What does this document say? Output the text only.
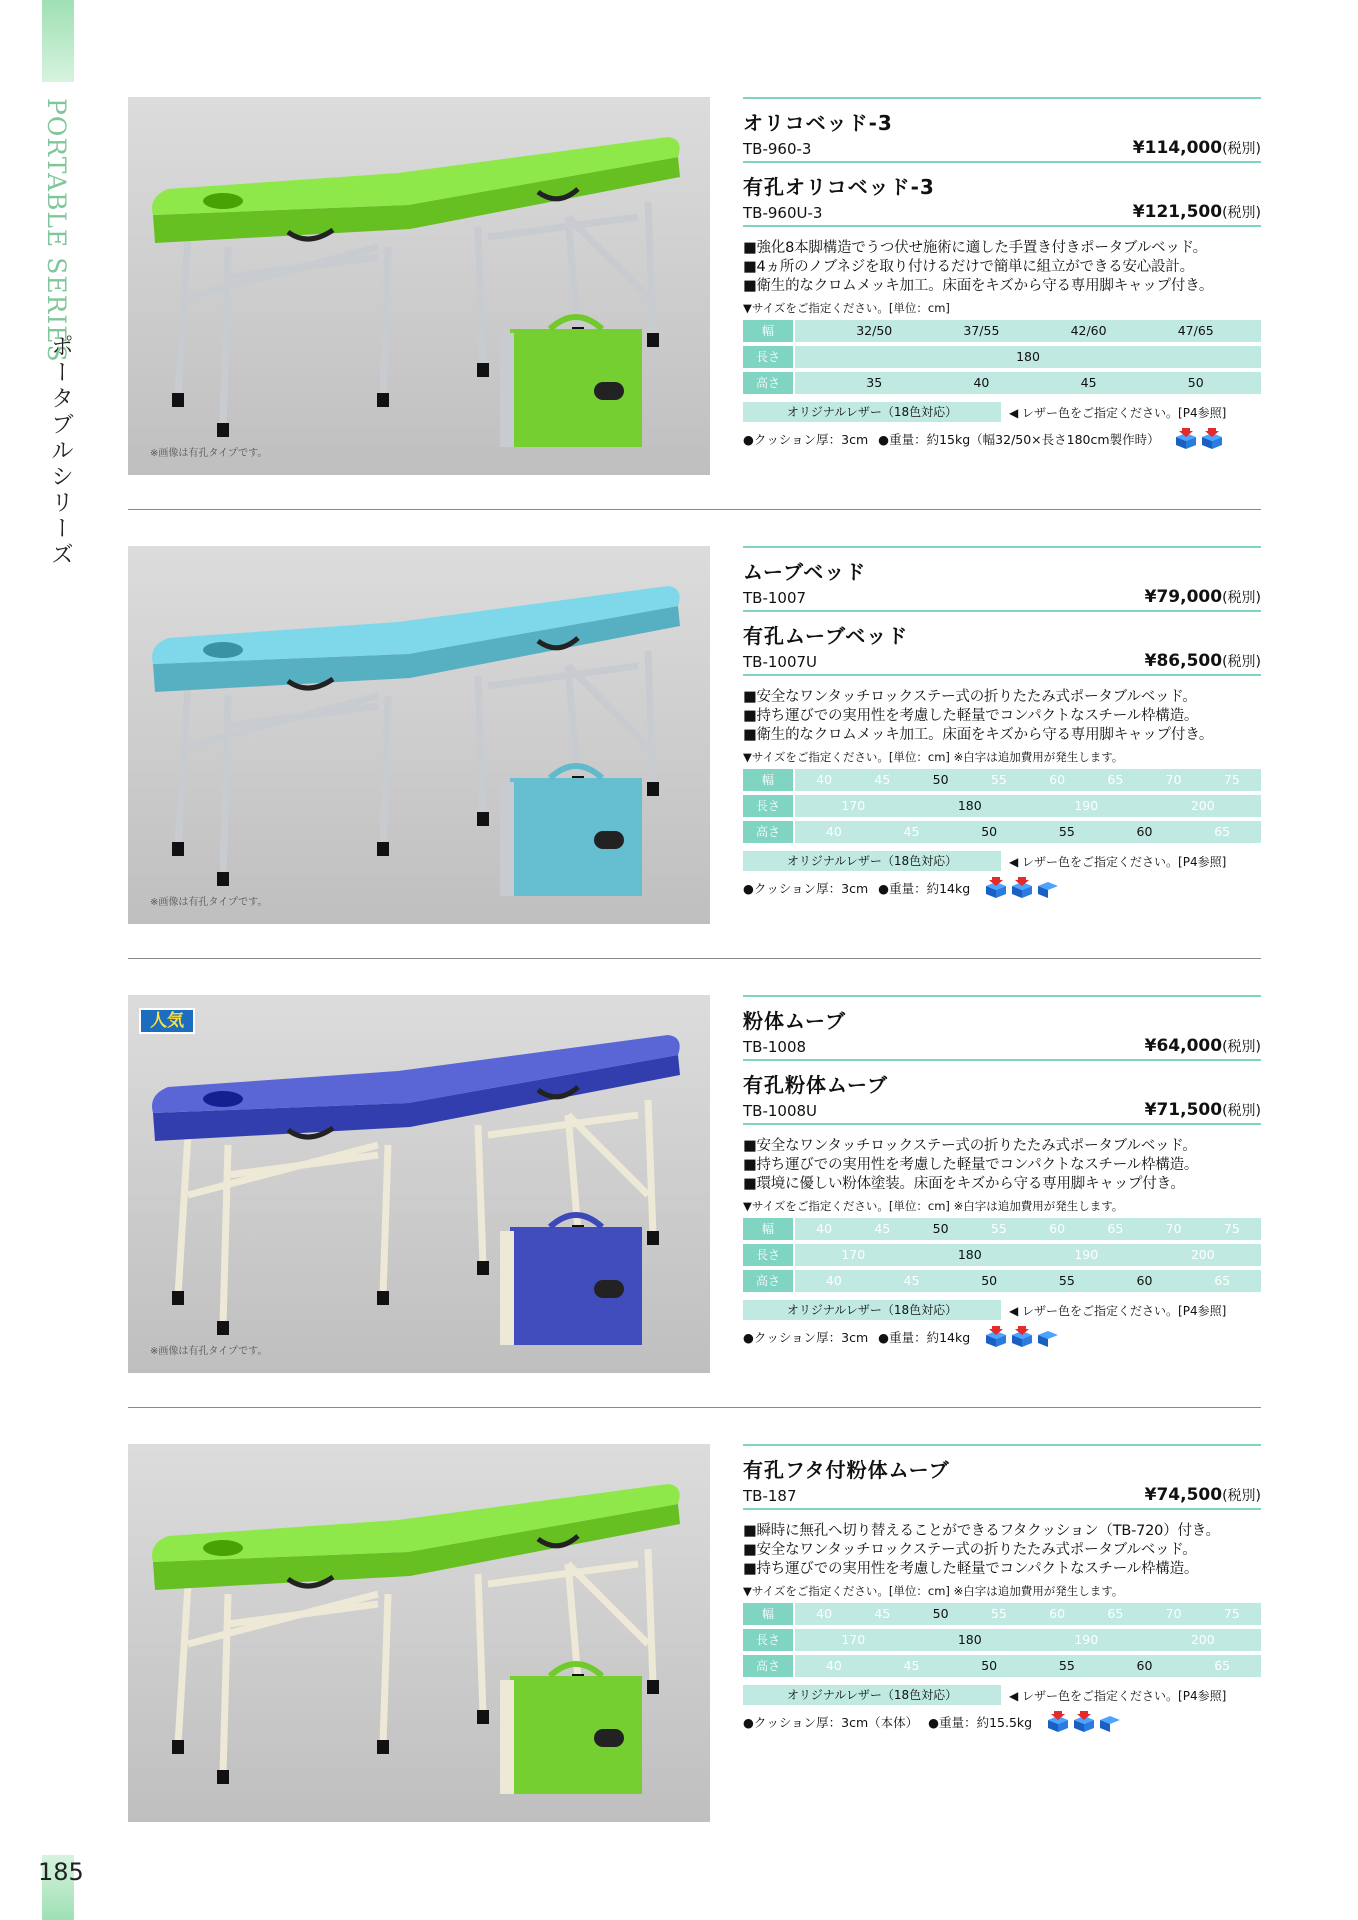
PORTABLE SERIES
ポータブルシリーズ
185
※画像は有孔タイプです。
オリコベッド-3
TB-960-3	¥114,000(税別)
有孔オリコベッド-3
TB-960U-3	¥121,500(税別)
■強化8本脚構造でうつ伏せ施術に適した手置き付きポータブルベッド。
■4ヵ所のノブネジを取り付けるだけで簡単に組立ができる安心設計。
■衛生的なクロムメッキ加工。床面をキズから守る専用脚キャップ付き。
▼サイズをご指定ください。[単位：cm]
幅	32/50	37/55	42/60	47/65
長さ	180
高さ	35	40	45	50
オリジナルレザー（18色対応）	◀ レザー色をご指定ください。[P4参照]
●クッション厚：3cm ●重量：約15kg（幅32/50×長さ180cm製作時）
※画像は有孔タイプです。
ムーブベッド
TB-1007	¥79,000(税別)
有孔ムーブベッド
TB-1007U	¥86,500(税別)
■安全なワンタッチロックステー式の折りたたみ式ポータブルベッド。
■持ち運びでの実用性を考慮した軽量でコンパクトなスチール枠構造。
■衛生的なクロムメッキ加工。床面をキズから守る専用脚キャップ付き。
▼サイズをご指定ください。[単位：cm] ※白字は追加費用が発生します。
幅	40	45	50	55	60	65	70	75
長さ	170	180	190	200
高さ	40	45	50	55	60	65
オリジナルレザー（18色対応）	◀ レザー色をご指定ください。[P4参照]
●クッション厚：3cm ●重量：約14kg
人気
※画像は有孔タイプです。
粉体ムーブ
TB-1008	¥64,000(税別)
有孔粉体ムーブ
TB-1008U	¥71,500(税別)
■安全なワンタッチロックステー式の折りたたみ式ポータブルベッド。
■持ち運びでの実用性を考慮した軽量でコンパクトなスチール枠構造。
■環境に優しい粉体塗装。床面をキズから守る専用脚キャップ付き。
▼サイズをご指定ください。[単位：cm] ※白字は追加費用が発生します。
幅	40	45	50	55	60	65	70	75
長さ	170	180	190	200
高さ	40	45	50	55	60	65
オリジナルレザー（18色対応）	◀ レザー色をご指定ください。[P4参照]
●クッション厚：3cm ●重量：約14kg
有孔フタ付粉体ムーブ
TB-187	¥74,500(税別)
■瞬時に無孔へ切り替えることができるフタクッション（TB-720）付き。
■安全なワンタッチロックステー式の折りたたみ式ポータブルベッド。
■持ち運びでの実用性を考慮した軽量でコンパクトなスチール枠構造。
▼サイズをご指定ください。[単位：cm] ※白字は追加費用が発生します。
幅	40	45	50	55	60	65	70	75
長さ	170	180	190	200
高さ	40	45	50	55	60	65
オリジナルレザー（18色対応）	◀ レザー色をご指定ください。[P4参照]
●クッション厚：3cm（本体） ●重量：約15.5kg
